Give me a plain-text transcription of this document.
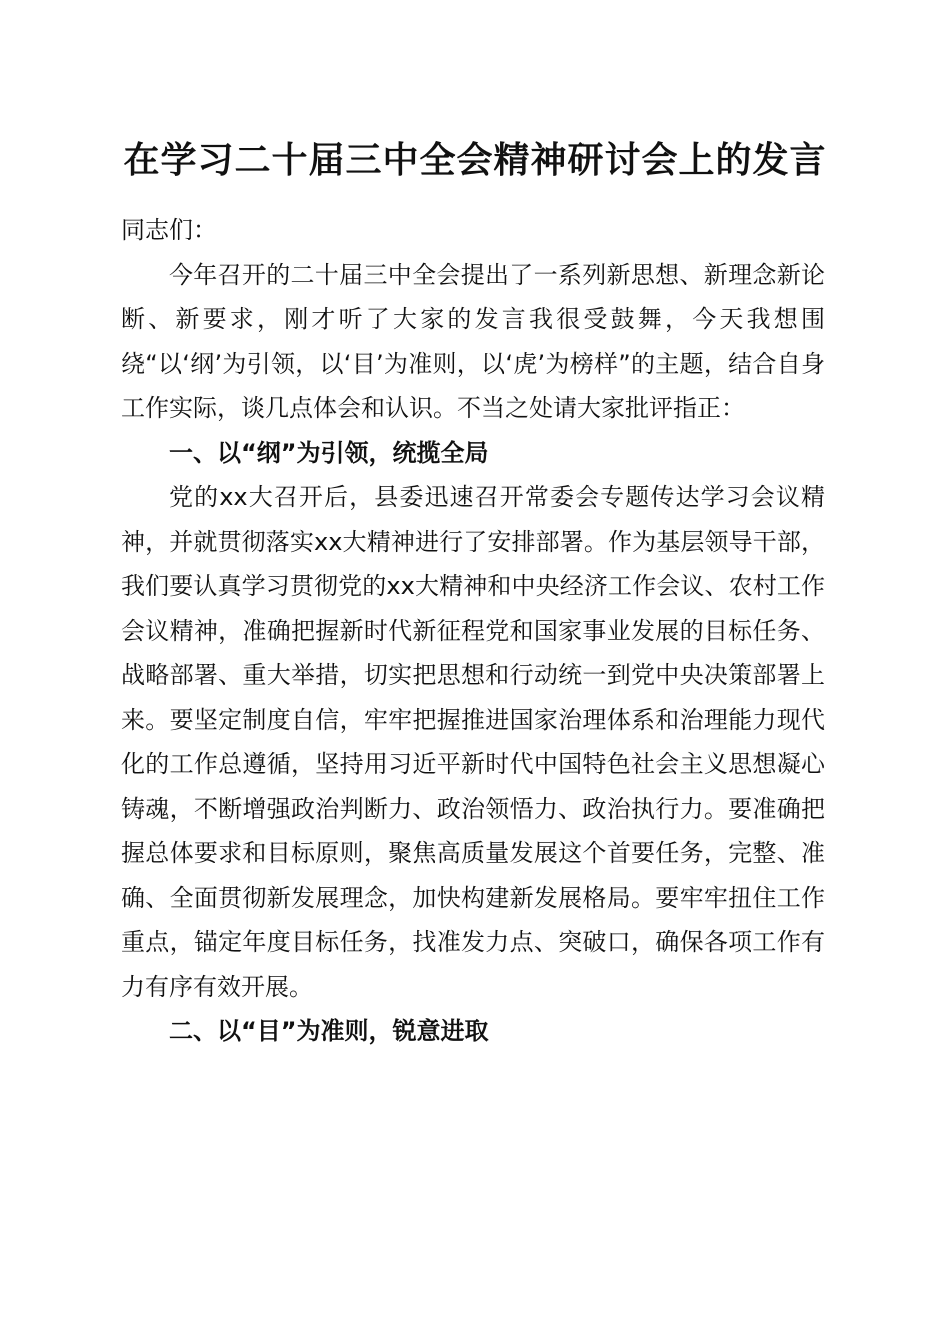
在学习二十届三中全会精神研讨会上的发言

同志们：

今年召开的二十届三中全会提出了一系列新思想、新理念新论断、新要求，刚才听了大家的发言我很受鼓舞，今天我想围绕“以‘纲’为引领，以‘目’为准则，以‘虎’为榜样”的主题，结合自身工作实际，谈几点体会和认识。不当之处请大家批评指正：

一、以“纲”为引领，统揽全局

党的xx大召开后，县委迅速召开常委会专题传达学习会议精神，并就贯彻落实xx大精神进行了安排部署。作为基层领导干部，我们要认真学习贯彻党的xx大精神和中央经济工作会议、农村工作会议精神，准确把握新时代新征程党和国家事业发展的目标任务、战略部署、重大举措，切实把思想和行动统一到党中央决策部署上来。要坚定制度自信，牢牢把握推进国家治理体系和治理能力现代化的工作总遵循，坚持用习近平新时代中国特色社会主义思想凝心铸魂，不断增强政治判断力、政治领悟力、政治执行力。要准确把握总体要求和目标原则，聚焦高质量发展这个首要任务，完整、准确、全面贯彻新发展理念，加快构建新发展格局。要牢牢扭住工作重点，锚定年度目标任务，找准发力点、突破口，确保各项工作有力有序有效开展。

二、以“目”为准则，锐意进取
